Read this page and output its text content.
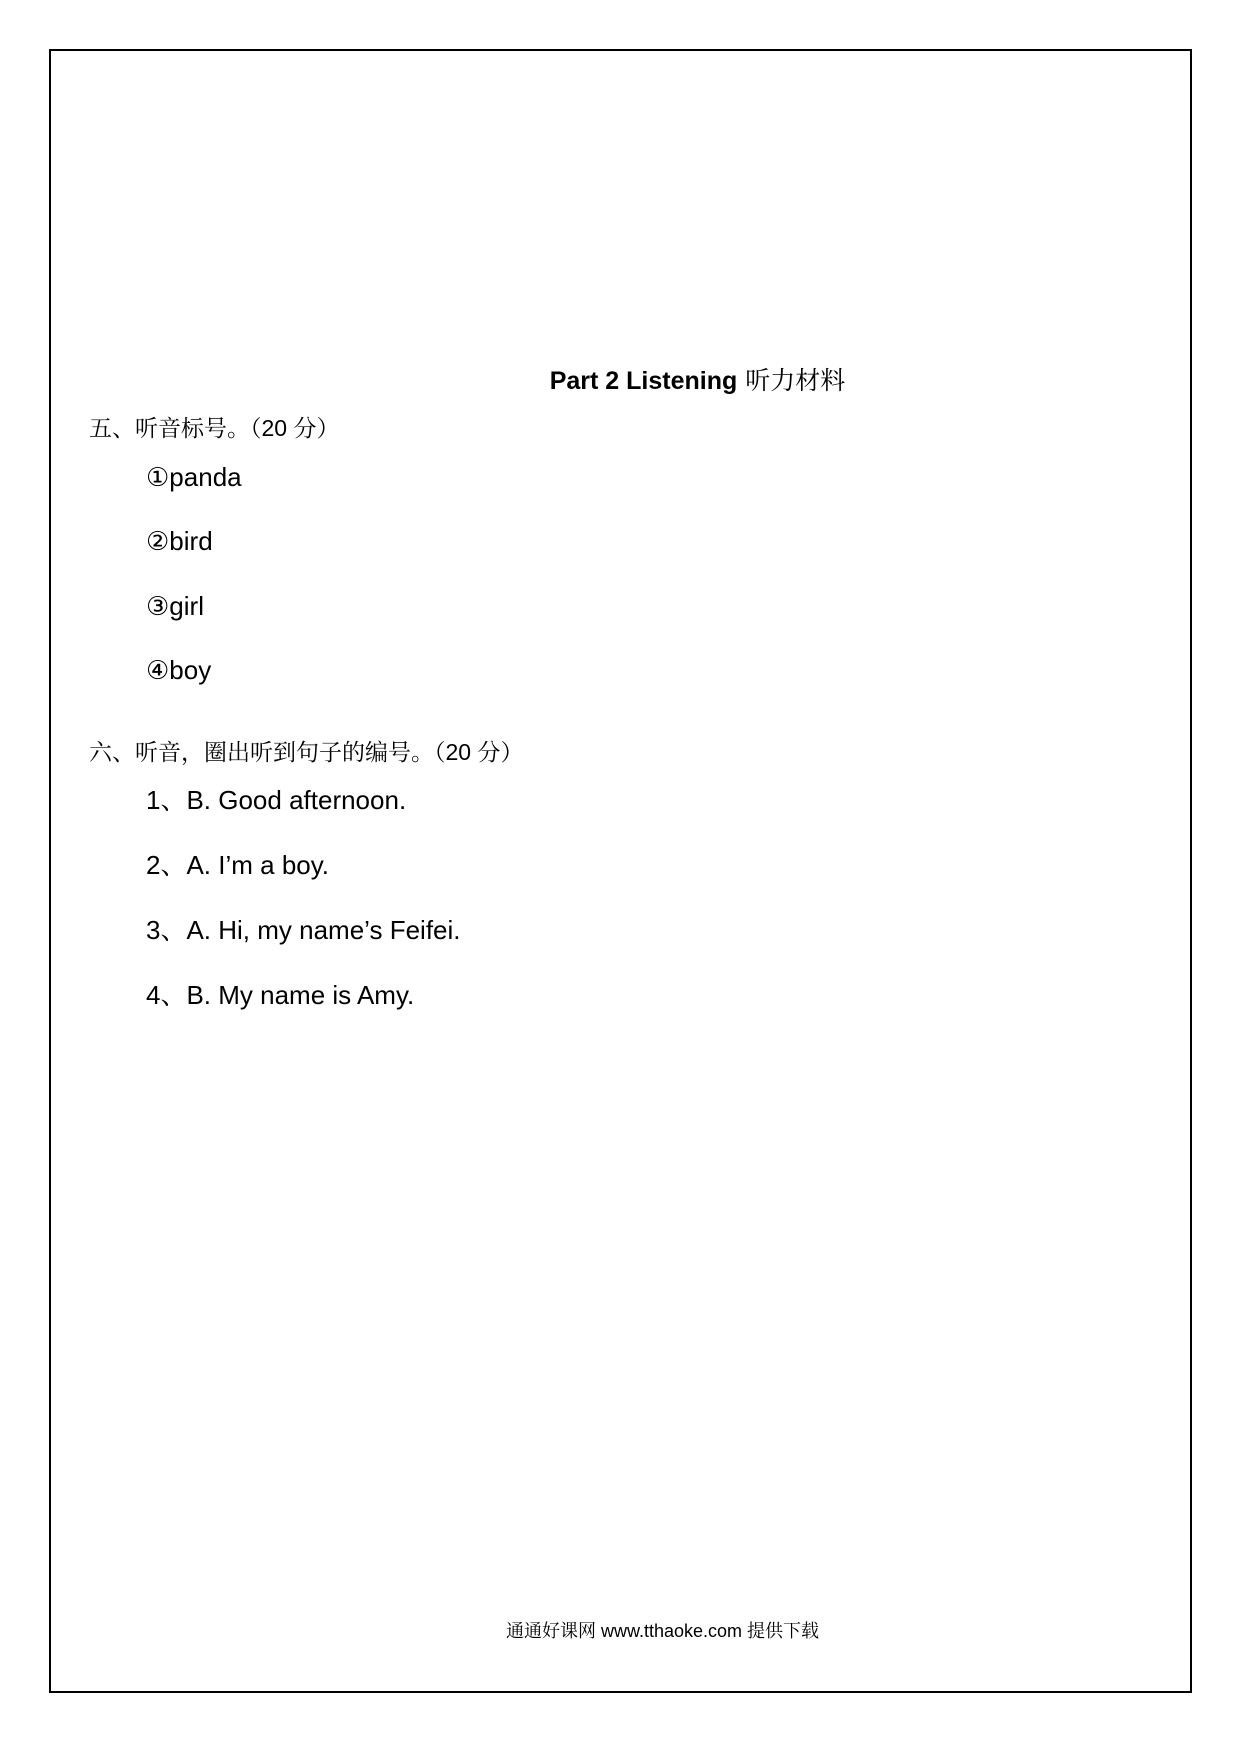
Part 2 Listening 听力材料
五、听音标号。（20 分）
①panda
②bird
③girl
④boy
六、听音，圈出听到句子的编号。（20 分）
1、B. Good afternoon.
2、A. I’m a boy.
3、A. Hi, my name’s Feifei.
4、B. My name is Amy.
通通好课网 www.tthaoke.com 提供下载
